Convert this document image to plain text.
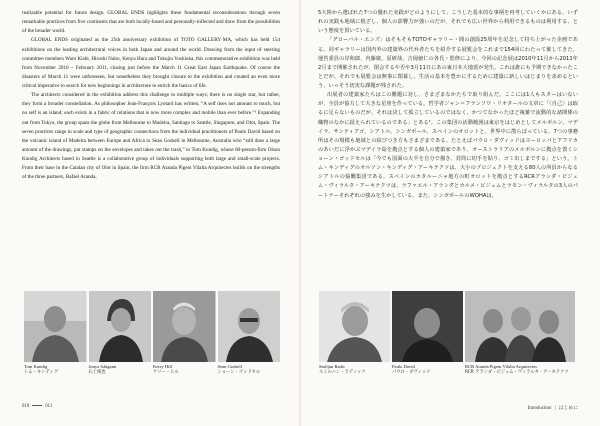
realizable potential for future design. GLOBAL ENDS highlights these fundamental reconsiderations through seven remarkable practices from five continents that are both locally-based and personally-inflected and draw from the possibilities of the broader world.

GLOBAL ENDS originated as the 25th anniversary exhibition of TOTO GALLERY·MA, which has held 154 exhibitions on the leading architectural voices in both Japan and around the world. Drawing from the input of steering committee members Waro Kishi, Hiroshi Naito, Kenya Hara and Tokujin Yoshioka, this commemorative exhibition was held from November 2010 – February 2011, closing just before the March 11 Great East Japan Earthquake. Of course the disasters of March 11 were unforeseen, but nonetheless they brought closure to the exhibition and created an even more critical imperative to search for new beginnings in architecture to enrich the basics of life.

The architects considered in the exhibition address this challenge in multiple ways; there is no single star, but rather, they form a broader constellation. As philosopher Jean-François Lyotard has written, “A self does not amount to much, but no self is an island; each exists in a fabric of relations that is now more complex and mobile than ever before.”¹ Expanding out from Tokyo, the group spans the globe from Melbourne to Madeira, Santiago to Seattle, Singapore, and Olot, Spain. The seven practices range in scale and type of geographic connections from the individual practitioners of Paulo David based on the volcanic island of Madeira between Europe and Africa to Sean Godsell in Melbourne, Australia who “still does a large amount of the drawings, put stamps on the envelopes and takes out the trash,” to Tom Kundig, whose 80-person-firm Olson Kundig Architects based in Seattle is a collaborative group of individuals supporting both large and small-scale projects. From their base in the Catalan city of Olot in Spain, the firm RCR Aranda Pigem Vilalta Arquitectes builds on the strengths of the three partners, Rafael Aranda,

5大陸から選ばれた7つの優れた実践がどのようにして、こうした基本的な事柄を再考していくかにある。いずれの実践も地域に根ざし、個人の影響力が強いのだが、それでも広い世界から利用できるものは利用する、という態度を貫いている。

「グローバル・エンズ」はそもそもTOTOギャラリー・間の創設25周年を記念して持ち上がった企画である。同ギャラリーは国内外の建築界の代弁者たちを紹介する展覧会をこれまで154回にわたって催してきた。運営委員の岸和郎、内藤廣、原研哉、吉岡徳仁の各氏・監修により、今回の記念展は2010年11月から2011年2月まで開催されたが、閉会するや否や3月11日にあの東日本大地震が発生。これは誰にも予期できなかったことだが、それでも展覧会は無事に閉幕し、生活の基本を豊かにするために建築に新しいはじまりを求めるという、いっそう切実な課題が残された。

出展者の建築家たちはこの難題に対し、さまざまなかたちで取り組んだ。ここには1人もスターはいないが、全員が協力して大きな星座を作っている。哲学者ジャン＝フランソワ・リオタールの文章に「〈自己〉は取るに足らないものだが、それは決して孤立しているのではなく、かつてなかったほど複雑で流動的な諸関係の織物のなかに捉えられているのである」とある¹。この集団の活動範囲は東京をはじめとしてメルボルン、マデイラ、サンティアゴ、シアトル、シンガポール、スペインのオロットと、世界中に散らばっている。7つの事務所はその規模も地域との結びつき方もさまざまである。たとえばパウロ・ダヴィッドはヨーロッパとアフリカのあいだに浮かぶマデイラ島を拠点とする個人の建築家であり、オーストラリアのメルボルンに拠点を置くショーン・ゴッドセルは「今でも図面の大半を自分で描き、封筒に切手を貼り、ゴミ出しまでする」という。トム・キンディグのオルソン・キンディグ・アーキテクツは、大小のプロジェクトを支える80人の所員からなるシアトルの協働集団である。スペインのカタルーニャ地方の町オロットを拠点とするRCRアランダ・ピジェム・ヴィラルタ・アーキテクツは、ラファエル・アランダとカルメ・ピジェムとラモン・ヴィラルタの3人のパートナーそれぞれの強みを生かしている。また、シンガポールのWOHAは、

Tom Kundig
トム・キンディグ
Junya Ishigami
石上純也
Kerry Hill
ケリー・ヒル
Sean Godsell
ショーン・ゴッドセル
Smiljan Radic
スミルハン・ラディック
Paulo David
パウロ・ダヴィッド
RCR Aranda Pigem Vilalta Arquitectes
RCR アランダ・ピジェム・ヴィラルタ・アーキテクツ
010	011	Introduction | はじめに
